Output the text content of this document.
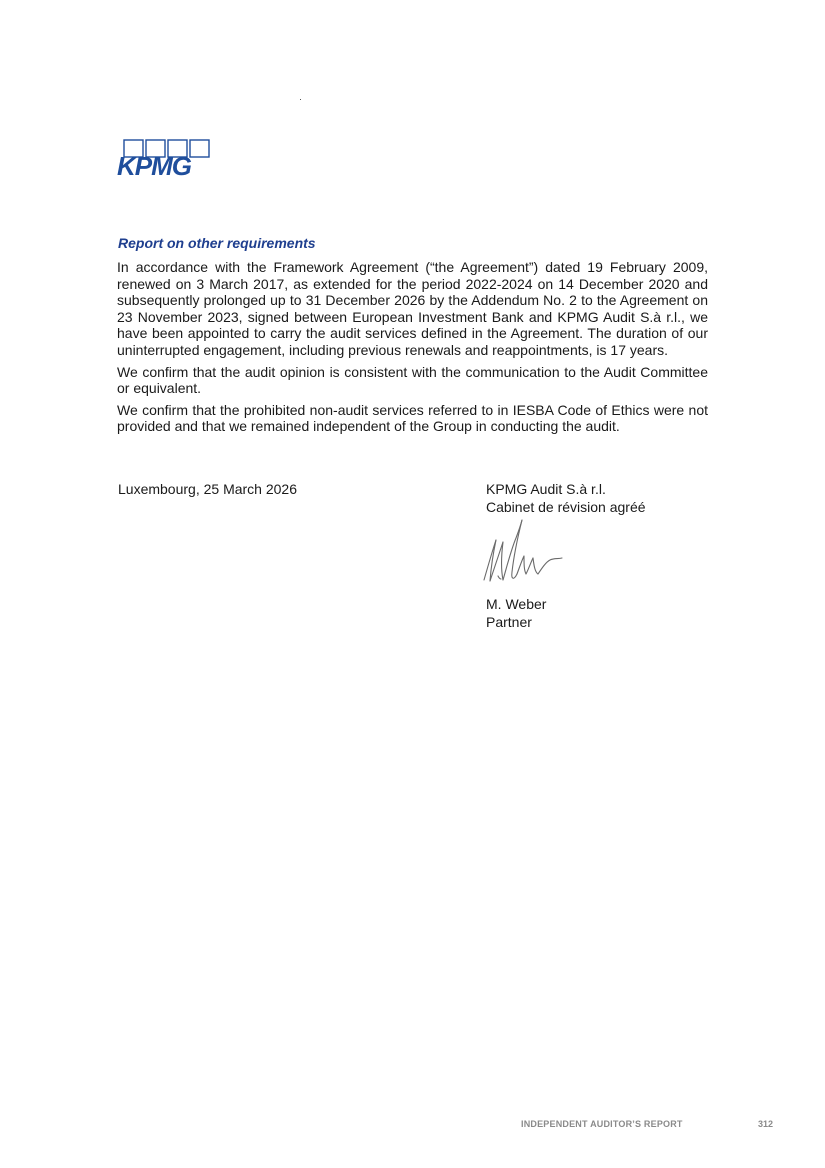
KPMG
Report on other requirements

In accordance with the Framework Agreement (“the Agreement”) dated 19 February 2009, renewed on 3 March 2017, as extended for the period 2022-2024 on 14 December 2020 and subsequently prolonged up to 31 December 2026 by the Addendum No. 2 to the Agreement on 23 November 2023, signed between European Investment Bank and KPMG Audit S.à r.l., we have been appointed to carry the audit services defined in the Agreement. The duration of our uninterrupted engagement, including previous renewals and reappointments, is 17 years.

We confirm that the audit opinion is consistent with the communication to the Audit Committee or equivalent.

We confirm that the prohibited non-audit services referred to in IESBA Code of Ethics were not provided and that we remained independent of the Group in conducting the audit.

Luxembourg, 25 March 2026	KPMG Audit S.à r.l.
Cabinet de révision agréé
M. Weber
Partner
INDEPENDENT AUDITOR’S REPORT	312
